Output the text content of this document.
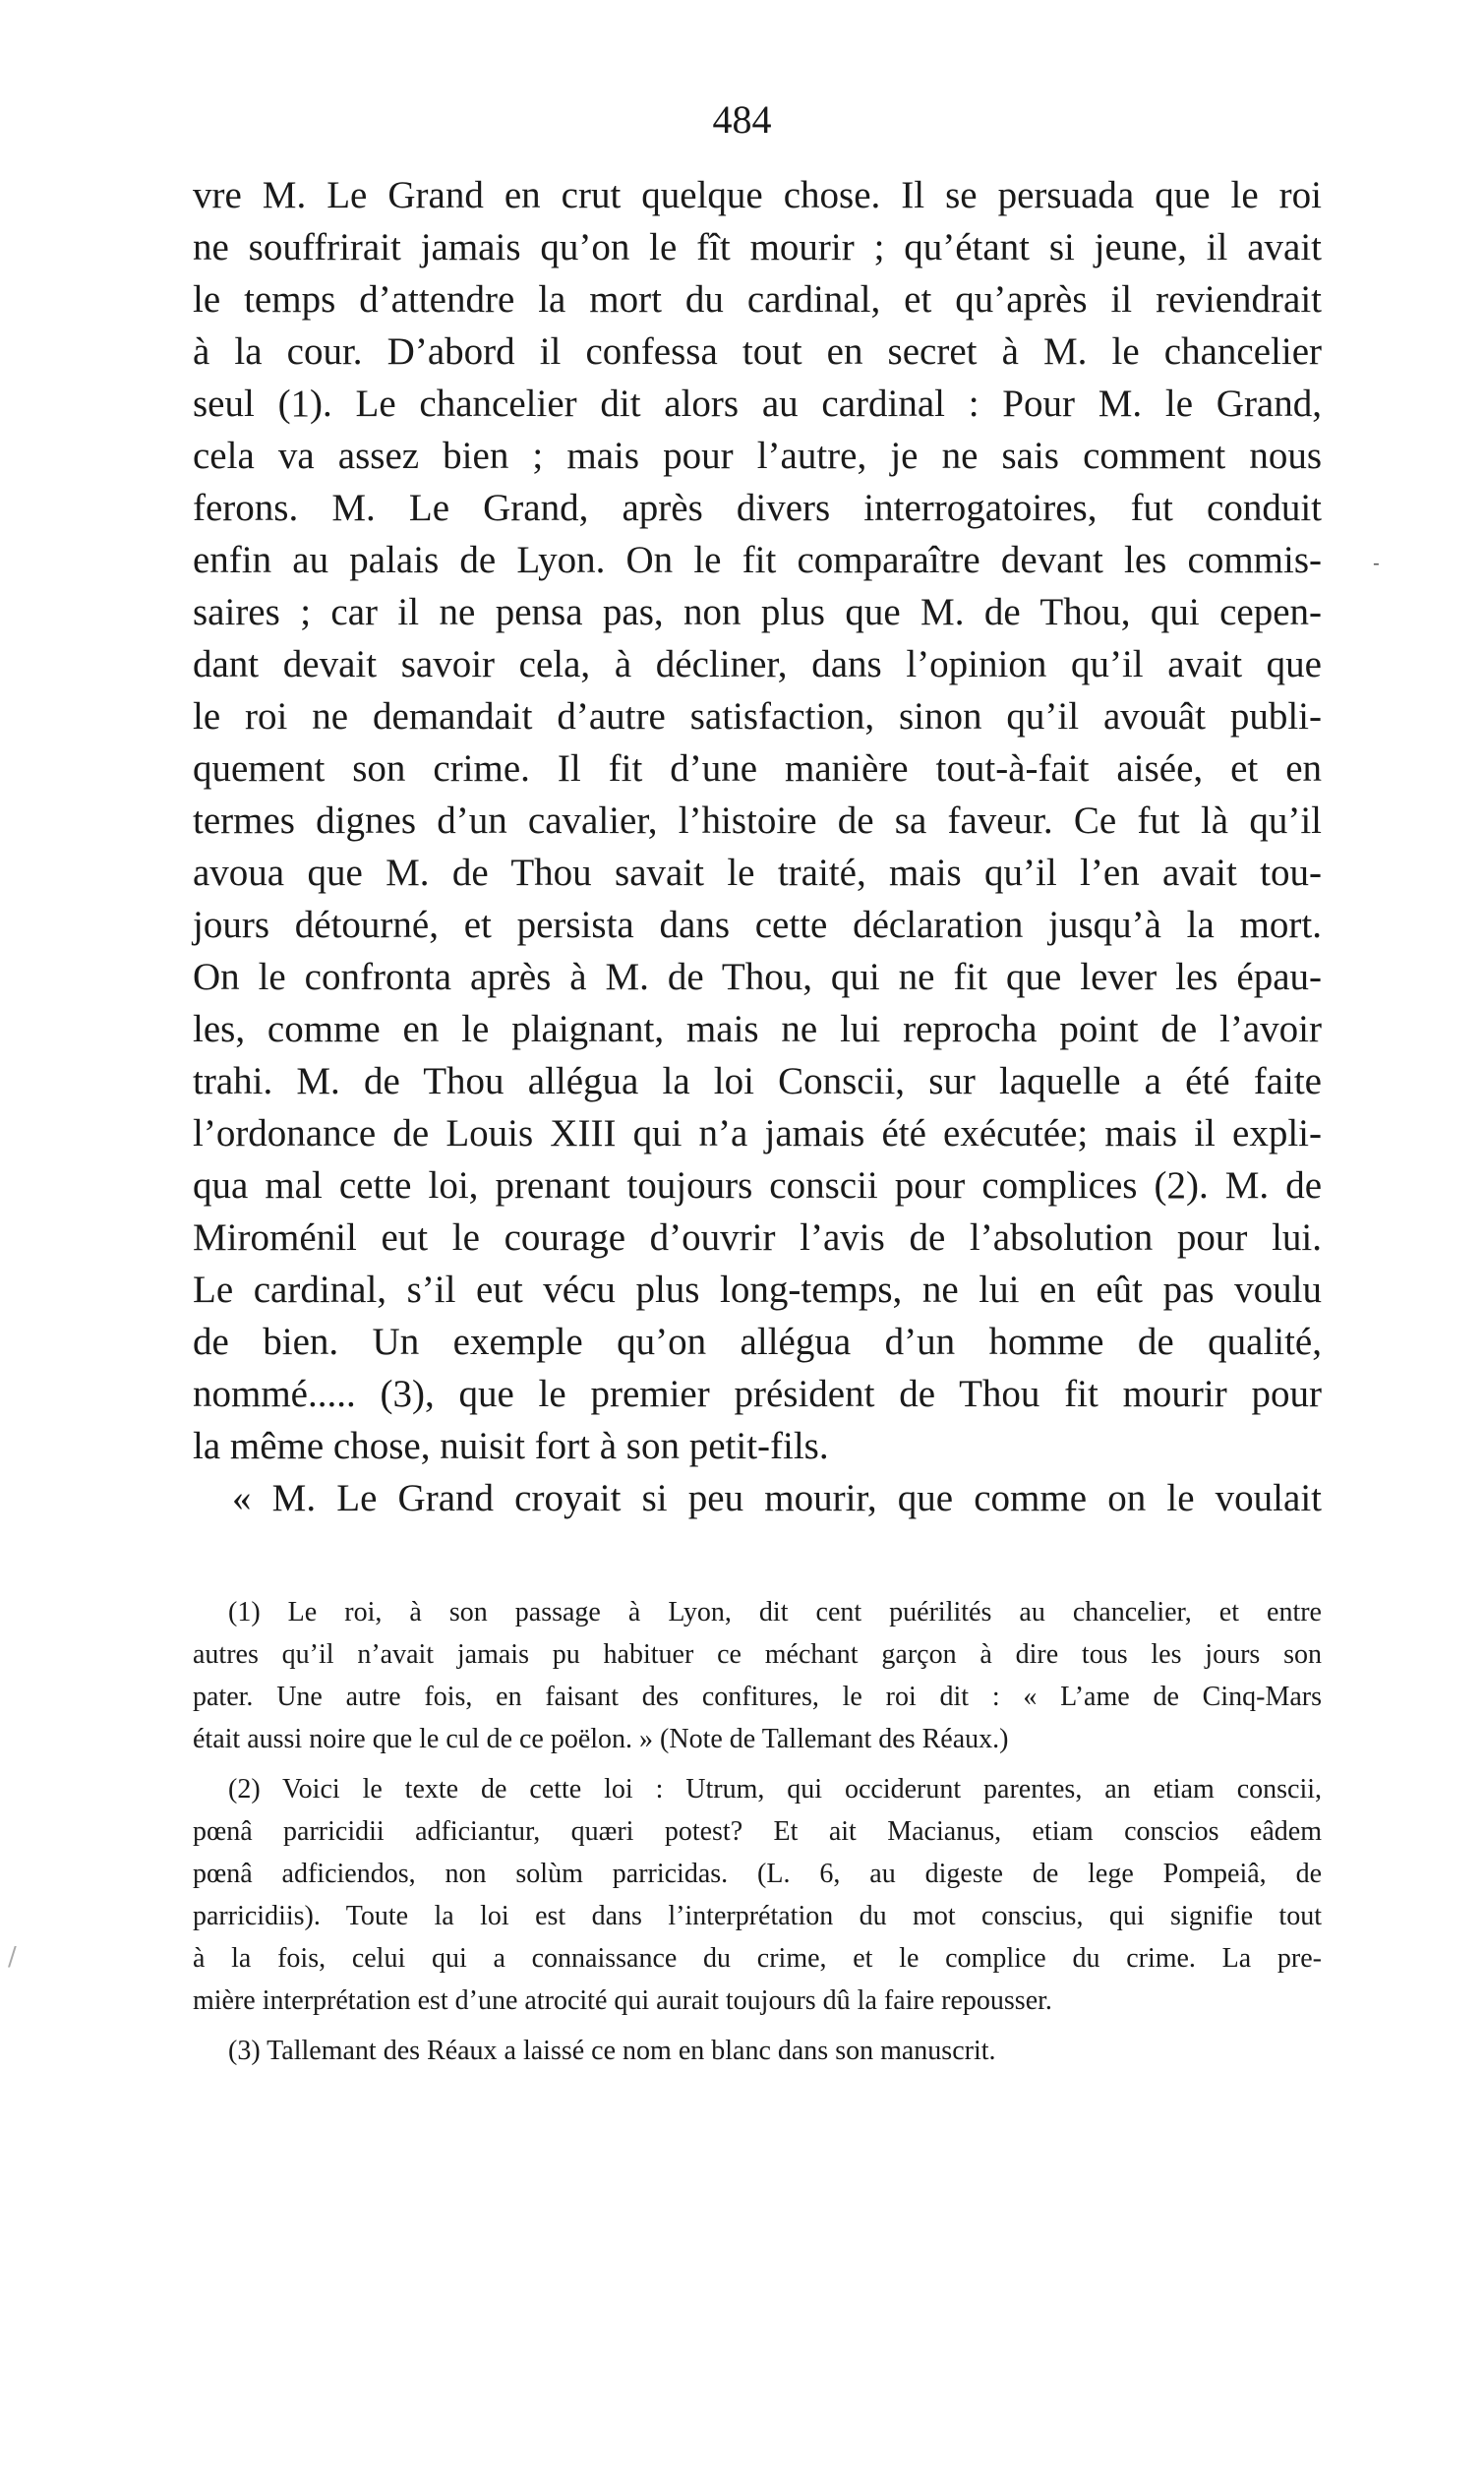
484
vre M. Le Grand en crut quelque chose. Il se persuada que le roi
ne souffrirait jamais qu’on le fît mourir ; qu’étant si jeune, il avait
le temps d’attendre la mort du cardinal, et qu’après il reviendrait
à la cour. D’abord il confessa tout en secret à M. le chancelier
seul (1). Le chancelier dit alors au cardinal : Pour M. le Grand,
cela va assez bien ; mais pour l’autre, je ne sais comment nous
ferons. M. Le Grand, après divers interrogatoires, fut conduit
enfin au palais de Lyon. On le fit comparaître devant les commis-
saires ; car il ne pensa pas, non plus que M. de Thou, qui cepen-
dant devait savoir cela, à décliner, dans l’opinion qu’il avait que
le roi ne demandait d’autre satisfaction, sinon qu’il avouât publi-
quement son crime. Il fit d’une manière tout-à-fait aisée, et en
termes dignes d’un cavalier, l’histoire de sa faveur. Ce fut là qu’il
avoua que M. de Thou savait le traité, mais qu’il l’en avait tou-
jours détourné, et persista dans cette déclaration jusqu’à la mort.
On le confronta après à M. de Thou, qui ne fit que lever les épau-
les, comme en le plaignant, mais ne lui reprocha point de l’avoir
trahi. M. de Thou allégua la loi Conscii, sur laquelle a été faite
l’ordonance de Louis XIII qui n’a jamais été exécutée; mais il expli-
qua mal cette loi, prenant toujours conscii pour complices (2). M. de
Miroménil eut le courage d’ouvrir l’avis de l’absolution pour lui.
Le cardinal, s’il eut vécu plus long-temps, ne lui en eût pas voulu
de bien. Un exemple qu’on allégua d’un homme de qualité,
nommé..... (3), que le premier président de Thou fit mourir pour
la même chose, nuisit fort à son petit-fils.
« M. Le Grand croyait si peu mourir, que comme on le voulait
(1) Le roi, à son passage à Lyon, dit cent puérilités au chancelier, et entre
autres qu’il n’avait jamais pu habituer ce méchant garçon à dire tous les jours son
pater. Une autre fois, en faisant des confitures, le roi dit : « L’ame de Cinq-Mars
était aussi noire que le cul de ce poëlon. » (Note de Tallemant des Réaux.)
(2) Voici le texte de cette loi : Utrum, qui occiderunt parentes, an etiam conscii,
pœnâ parricidii adficiantur, quæri potest? Et ait Macianus, etiam conscios eâdem
pœnâ adficiendos, non solùm parricidas. (L. 6, au digeste de lege Pompeiâ, de
parricidiis). Toute la loi est dans l’interprétation du mot conscius, qui signifie tout
à la fois, celui qui a connaissance du crime, et le complice du crime. La pre-
mière interprétation est d’une atrocité qui aurait toujours dû la faire repousser.
(3) Tallemant des Réaux a laissé ce nom en blanc dans son manuscrit.
-
/
